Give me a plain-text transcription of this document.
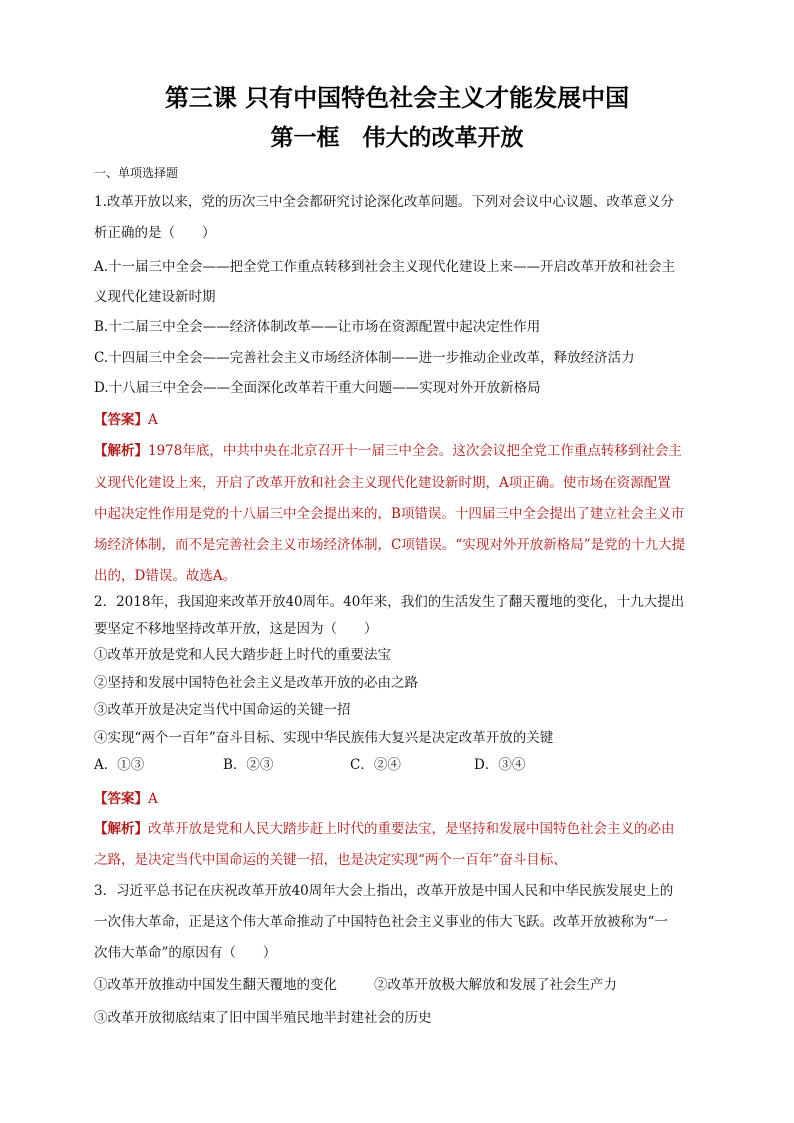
第三课 只有中国特色社会主义才能发展中国
第一框　伟大的改革开放
一、单项选择题
1.改革开放以来，党的历次三中全会都研究讨论深化改革问题。下列对会议中心议题、改革意义分
析正确的是（　　）
A.十一届三中全会——把全党工作重点转移到社会主义现代化建设上来——开启改革开放和社会主
义现代化建设新时期
B.十二届三中全会——经济体制改革——让市场在资源配置中起决定性作用
C.十四届三中全会——完善社会主义市场经济体制——进一步推动企业改革，释放经济活力
D.十八届三中全会——全面深化改革若干重大问题——实现对外开放新格局
【答案】A
【解析】1978年底，中共中央在北京召开十一届三中全会。这次会议把全党工作重点转移到社会主
义现代化建设上来，开启了改革开放和社会主义现代化建设新时期，A项正确。使市场在资源配置
中起决定性作用是党的十八届三中全会提出来的，B项错误。十四届三中全会提出了建立社会主义市
场经济体制，而不是完善社会主义市场经济体制，C项错误。“实现对外开放新格局”是党的十九大提
出的，D错误。故选A。
2．2018年，我国迎来改革开放40周年。40年来，我们的生活发生了翻天覆地的变化，十九大提出
要坚定不移地坚持改革开放，这是因为（　　）
①改革开放是党和人民大踏步赶上时代的重要法宝
②坚持和发展中国特色社会主义是改革开放的必由之路
③改革开放是决定当代中国命运的关键一招
④实现“两个一百年”奋斗目标、实现中华民族伟大复兴是决定改革开放的关键
A．①③	B．②③	C．②④	D．③④
【答案】A
【解析】改革开放是党和人民大踏步赶上时代的重要法宝，是坚持和发展中国特色社会主义的必由
之路，是决定当代中国命运的关键一招，也是决定实现“两个一百年”奋斗目标、
3．习近平总书记在庆祝改革开放40周年大会上指出，改革开放是中国人民和中华民族发展史上的
一次伟大革命，正是这个伟大革命推动了中国特色社会主义事业的伟大飞跃。改革开放被称为“一
次伟大革命”的原因有（　　）
①改革开放推动中国发生翻天覆地的变化	②改革开放极大解放和发展了社会生产力
③改革开放彻底结束了旧中国半殖民地半封建社会的历史
